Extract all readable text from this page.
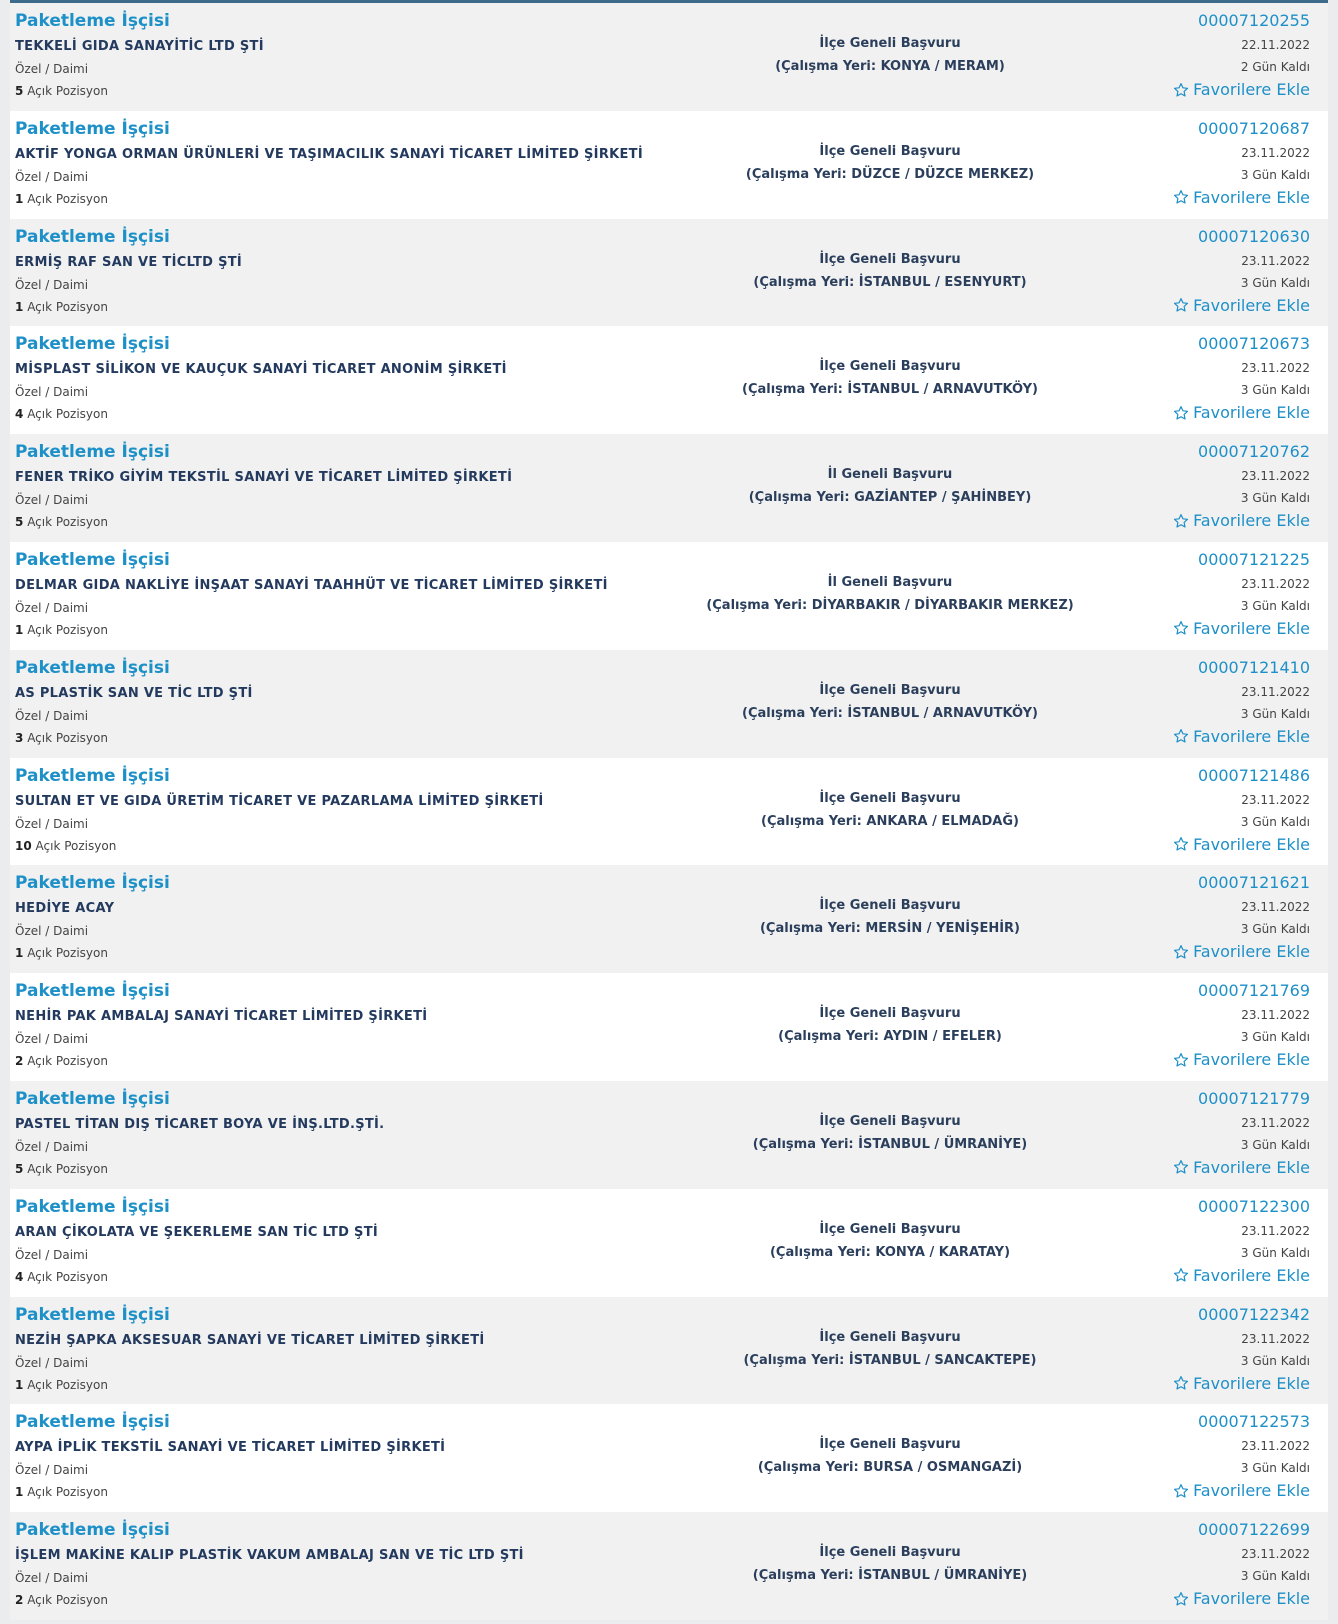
Paketleme İşçisi
TEKKELİ GIDA SANAYİTİC LTD ŞTİ
Özel / Daimi
5 Açık Pozisyon
İlçe Geneli Başvuru
(Çalışma Yeri: KONYA / MERAM)
00007120255
22.11.2022
2 Gün Kaldı
Favorilere Ekle
Paketleme İşçisi
AKTİF YONGA ORMAN ÜRÜNLERİ VE TAŞIMACILIK SANAYİ TİCARET LİMİTED ŞİRKETİ
Özel / Daimi
1 Açık Pozisyon
İlçe Geneli Başvuru
(Çalışma Yeri: DÜZCE / DÜZCE MERKEZ)
00007120687
23.11.2022
3 Gün Kaldı
Favorilere Ekle
Paketleme İşçisi
ERMİŞ RAF SAN VE TİCLTD ŞTİ
Özel / Daimi
1 Açık Pozisyon
İlçe Geneli Başvuru
(Çalışma Yeri: İSTANBUL / ESENYURT)
00007120630
23.11.2022
3 Gün Kaldı
Favorilere Ekle
Paketleme İşçisi
MİSPLAST SİLİKON VE KAUÇUK SANAYİ TİCARET ANONİM ŞİRKETİ
Özel / Daimi
4 Açık Pozisyon
İlçe Geneli Başvuru
(Çalışma Yeri: İSTANBUL / ARNAVUTKÖY)
00007120673
23.11.2022
3 Gün Kaldı
Favorilere Ekle
Paketleme İşçisi
FENER TRİKO GİYİM TEKSTİL SANAYİ VE TİCARET LİMİTED ŞİRKETİ
Özel / Daimi
5 Açık Pozisyon
İl Geneli Başvuru
(Çalışma Yeri: GAZİANTEP / ŞAHİNBEY)
00007120762
23.11.2022
3 Gün Kaldı
Favorilere Ekle
Paketleme İşçisi
DELMAR GIDA NAKLİYE İNŞAAT SANAYİ TAAHHÜT VE TİCARET LİMİTED ŞİRKETİ
Özel / Daimi
1 Açık Pozisyon
İl Geneli Başvuru
(Çalışma Yeri: DİYARBAKIR / DİYARBAKIR MERKEZ)
00007121225
23.11.2022
3 Gün Kaldı
Favorilere Ekle
Paketleme İşçisi
AS PLASTİK SAN VE TİC LTD ŞTİ
Özel / Daimi
3 Açık Pozisyon
İlçe Geneli Başvuru
(Çalışma Yeri: İSTANBUL / ARNAVUTKÖY)
00007121410
23.11.2022
3 Gün Kaldı
Favorilere Ekle
Paketleme İşçisi
SULTAN ET VE GIDA ÜRETİM TİCARET VE PAZARLAMA LİMİTED ŞİRKETİ
Özel / Daimi
10 Açık Pozisyon
İlçe Geneli Başvuru
(Çalışma Yeri: ANKARA / ELMADAĞ)
00007121486
23.11.2022
3 Gün Kaldı
Favorilere Ekle
Paketleme İşçisi
HEDİYE ACAY
Özel / Daimi
1 Açık Pozisyon
İlçe Geneli Başvuru
(Çalışma Yeri: MERSİN / YENİŞEHİR)
00007121621
23.11.2022
3 Gün Kaldı
Favorilere Ekle
Paketleme İşçisi
NEHİR PAK AMBALAJ SANAYİ TİCARET LİMİTED ŞİRKETİ
Özel / Daimi
2 Açık Pozisyon
İlçe Geneli Başvuru
(Çalışma Yeri: AYDIN / EFELER)
00007121769
23.11.2022
3 Gün Kaldı
Favorilere Ekle
Paketleme İşçisi
PASTEL TİTAN DIŞ TİCARET BOYA VE İNŞ.LTD.ŞTİ.
Özel / Daimi
5 Açık Pozisyon
İlçe Geneli Başvuru
(Çalışma Yeri: İSTANBUL / ÜMRANİYE)
00007121779
23.11.2022
3 Gün Kaldı
Favorilere Ekle
Paketleme İşçisi
ARAN ÇİKOLATA VE ŞEKERLEME SAN TİC LTD ŞTİ
Özel / Daimi
4 Açık Pozisyon
İlçe Geneli Başvuru
(Çalışma Yeri: KONYA / KARATAY)
00007122300
23.11.2022
3 Gün Kaldı
Favorilere Ekle
Paketleme İşçisi
NEZİH ŞAPKA AKSESUAR SANAYİ VE TİCARET LİMİTED ŞİRKETİ
Özel / Daimi
1 Açık Pozisyon
İlçe Geneli Başvuru
(Çalışma Yeri: İSTANBUL / SANCAKTEPE)
00007122342
23.11.2022
3 Gün Kaldı
Favorilere Ekle
Paketleme İşçisi
AYPA İPLİK TEKSTİL SANAYİ VE TİCARET LİMİTED ŞİRKETİ
Özel / Daimi
1 Açık Pozisyon
İlçe Geneli Başvuru
(Çalışma Yeri: BURSA / OSMANGAZİ)
00007122573
23.11.2022
3 Gün Kaldı
Favorilere Ekle
Paketleme İşçisi
İŞLEM MAKİNE KALIP PLASTİK VAKUM AMBALAJ SAN VE TİC LTD ŞTİ
Özel / Daimi
2 Açık Pozisyon
İlçe Geneli Başvuru
(Çalışma Yeri: İSTANBUL / ÜMRANİYE)
00007122699
23.11.2022
3 Gün Kaldı
Favorilere Ekle
